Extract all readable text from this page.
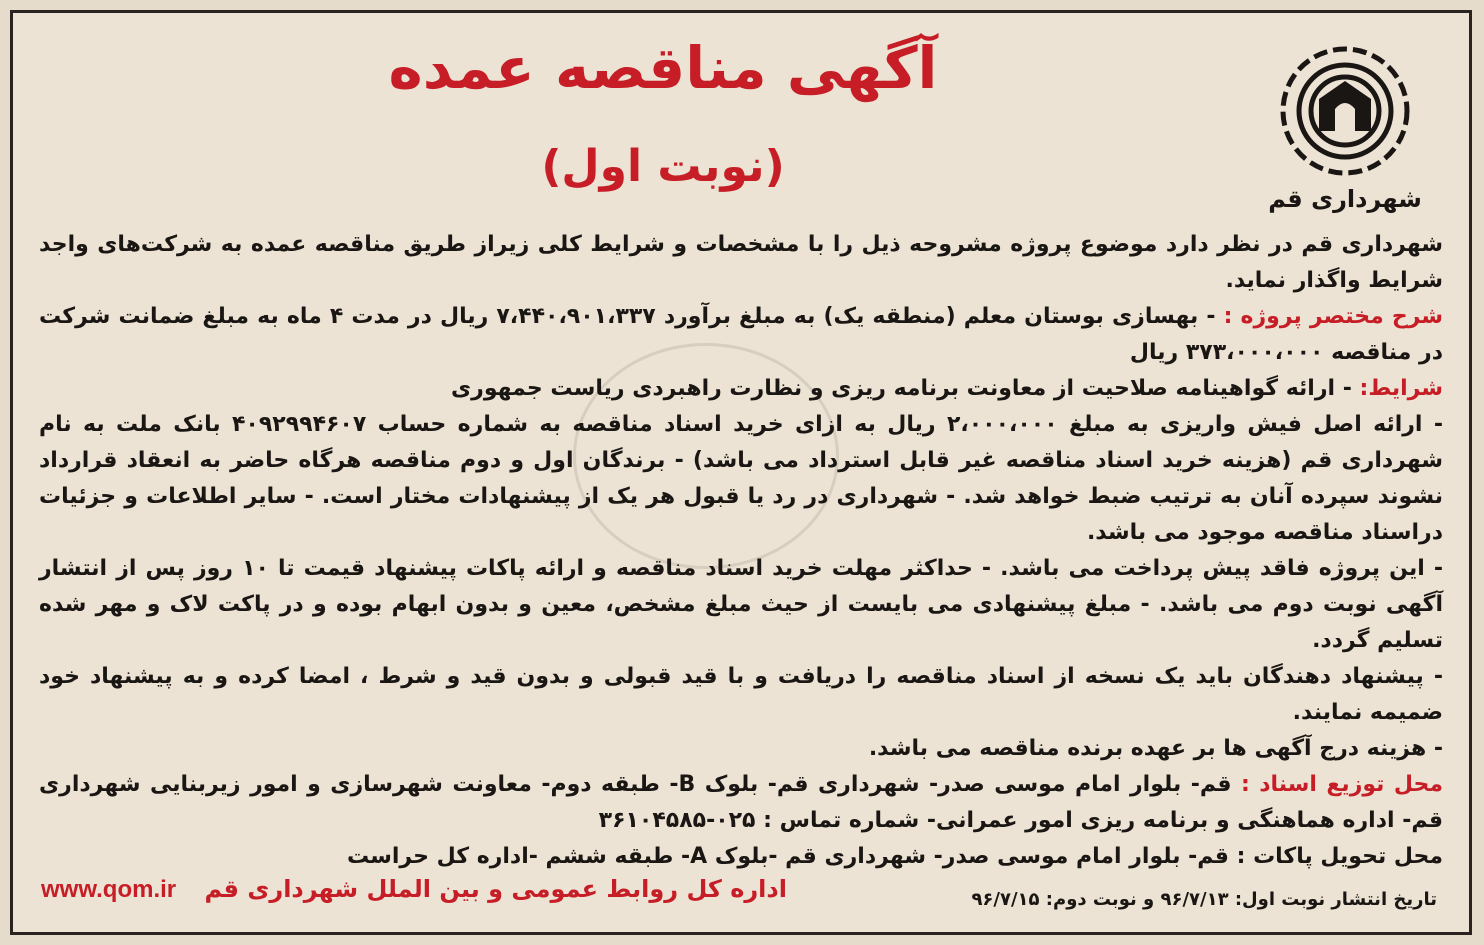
شهرداری قم
آگهی مناقصه عمده
(نوبت اول)

شهرداری قم در نظر دارد موضوع پروژه مشروحه ذیل را با مشخصات و شرایط کلی زیراز طریق مناقصه عمده به شرکت‌های واجد شرایط واگذار نماید.

شرح مختصر پروژه : - بهسازی بوستان معلم (منطقه یک) به مبلغ برآورد ۷،۴۴۰،۹۰۱،۳۳۷ ریال در مدت ۴ ماه به مبلغ ضمانت شرکت در مناقصه ۳۷۳،۰۰۰،۰۰۰ ریال

شرایط: - ارائه گواهینامه صلاحیت از معاونت برنامه ریزی و نظارت راهبردی ریاست جمهوری

- ارائه اصل فیش واریزی به مبلغ ۲،۰۰۰،۰۰۰ ریال به ازای خرید اسناد مناقصه به شماره حساب ۴۰۹۲۹۹۴۶۰۷ بانک ملت به نام شهرداری قم (هزینه خرید اسناد مناقصه غیر قابل استرداد می باشد) - برندگان اول و دوم مناقصه هرگاه حاضر به انعقاد قرارداد نشوند سپرده آنان به ترتیب ضبط خواهد شد. - شهرداری در رد یا قبول هر یک از پیشنهادات مختار است. - سایر اطلاعات و جزئیات دراسناد مناقصه موجود می باشد.

- این پروژه فاقد پیش پرداخت می باشد. - حداکثر مهلت خرید اسناد مناقصه و ارائه پاکات پیشنهاد قیمت تا ۱۰ روز پس از انتشار آگهی نوبت دوم می باشد. - مبلغ پیشنهادی می بایست از حیث مبلغ مشخص، معین و بدون ابهام بوده و در پاکت لاک و مهر شده تسلیم گردد.

- پیشنهاد دهندگان باید یک نسخه از اسناد مناقصه را دریافت و با قید قبولی و بدون قید و شرط ، امضا کرده و به پیشنهاد خود ضمیمه نمایند.

- هزینه درج آگهی ها بر عهده برنده مناقصه می باشد.

محل توزیع اسناد : قم- بلوار امام موسی صدر- شهرداری قم- بلوک B- طبقه دوم- معاونت شهرسازی و امور زیربنایی شهرداری قم- اداره هماهنگی و برنامه ریزی امور عمرانی- شماره تماس : ۰۲۵-۳۶۱۰۴۵۸۵

محل تحویل پاکات : قم- بلوار امام موسی صدر- شهرداری قم -بلوک A- طبقه ششم -اداره کل حراست

تاریخ انتشار نوبت اول: ۹۶/۷/۱۳ و نوبت دوم: ۹۶/۷/۱۵
اداره کل روابط عمومی و بین الملل شهرداری قم www.qom.ir
